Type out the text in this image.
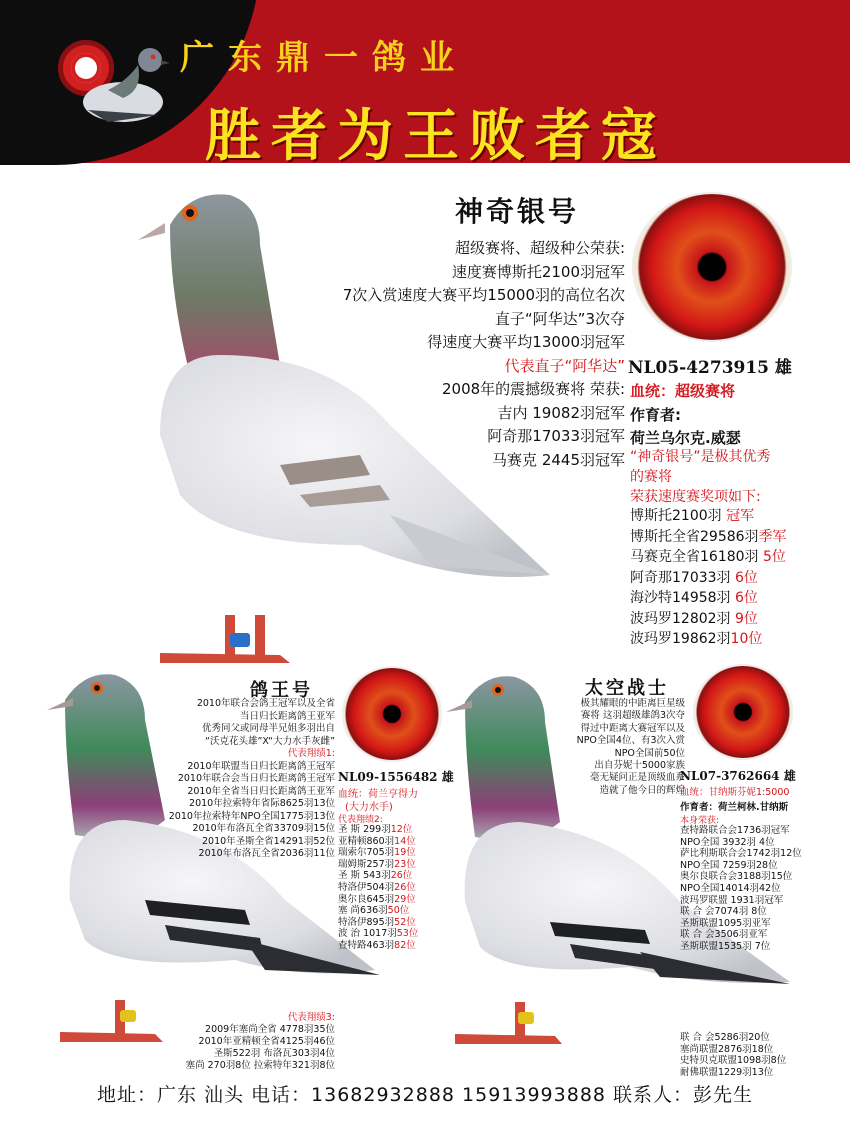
广东鼎一鸽业
胜者为王败者寇
神奇银号
超级赛将、超级种公荣获:
速度赛博斯托2100羽冠军
7次入赏速度大赛平均15000羽的高位名次
直子“阿华达”3次夺
得速度大赛平均13000羽冠军
代表直子“阿华达”
2008年的震撼级赛将 荣获:
吉内 19082羽冠军
阿奇那17033羽冠军
马赛克 2445羽冠军
NL05-4273915 雄
血统：超级赛将
作育者:
荷兰乌尔克.威瑟
“神奇银号”是极其优秀
的赛将
荣获速度赛奖项如下:
博斯托2100羽 冠军
博斯托全省29586羽季军
马赛克全省16180羽 5位
阿奇那17033羽 6位
海沙特14958羽 6位
波玛罗12802羽 9位
波玛罗19862羽10位
鸽王号
2010年联合会鸽王冠军以及全省
当日归长距离鸽王亚军
优秀同父或同母半兄姐多羽出自
“沃克花头雄”X“大力水手灰雌”
代表翔绩1:
2010年联盟当日归长距离鸽王冠军
2010年联合会当日归长距离鸽王冠军
2010年全省当日归长距离鸽王亚军
2010年拉索特年省际8625羽13位
2010年拉索特年NPO全国1775羽13位
2010年布洛瓦全省33709羽15位
2010年圣斯全省14291羽52位
2010年布洛瓦全省2036羽11位
NL09-1556482 雄
血统：荷兰亨得力
(大力水手)
代表翔绩2:
圣 斯 299羽12位
亚精顿860羽14位
瑞索尔705羽19位
瑞姆斯257羽23位
圣 斯 543羽26位
特洛伊504羽26位
奥尔良645羽29位
塞 尚636羽50位
特洛伊895羽52位
波 治 1017羽53位
查特路463羽82位
代表翔绩3:
2009年塞尚全省 4778羽35位
2010年亚精顿全省4125羽46位
圣斯522羽 布洛瓦303羽4位
塞尚 270羽8位 拉索特年321羽8位
太空战士
极其耀眼的中距离巨星级
赛将 这羽超级雄鸽3次夺
得过中距离大赛冠军以及
NPO全国4位、有3次入赏
NPO全国前50位
出自芬妮十5000家族
毫无疑问正是顶级血系
造就了他今日的辉煌
NL07-3762664 雄
血统：甘纳斯芬妮1:5000
作育者：荷兰柯林.甘纳斯
本身荣获:
查特路联合会1736羽冠军
NPO全国 3932羽 4位
萨比利斯联合会1742羽12位
NPO全国 7259羽28位
奥尔良联合会3188羽15位
NPO全国14014羽42位
波玛罗联盟 1931羽冠军
联 合 会7074羽 8位
圣斯联盟1095羽亚军
联 合 会3506羽亚军
圣斯联盟1535羽 7位
联 合 会5286羽20位
塞尚联盟2876羽18位
史特贝克联盟1098羽8位
耐佛联盟1229羽13位
地址：广东 汕头 电话：13682932888 15913993888 联系人：彭先生
